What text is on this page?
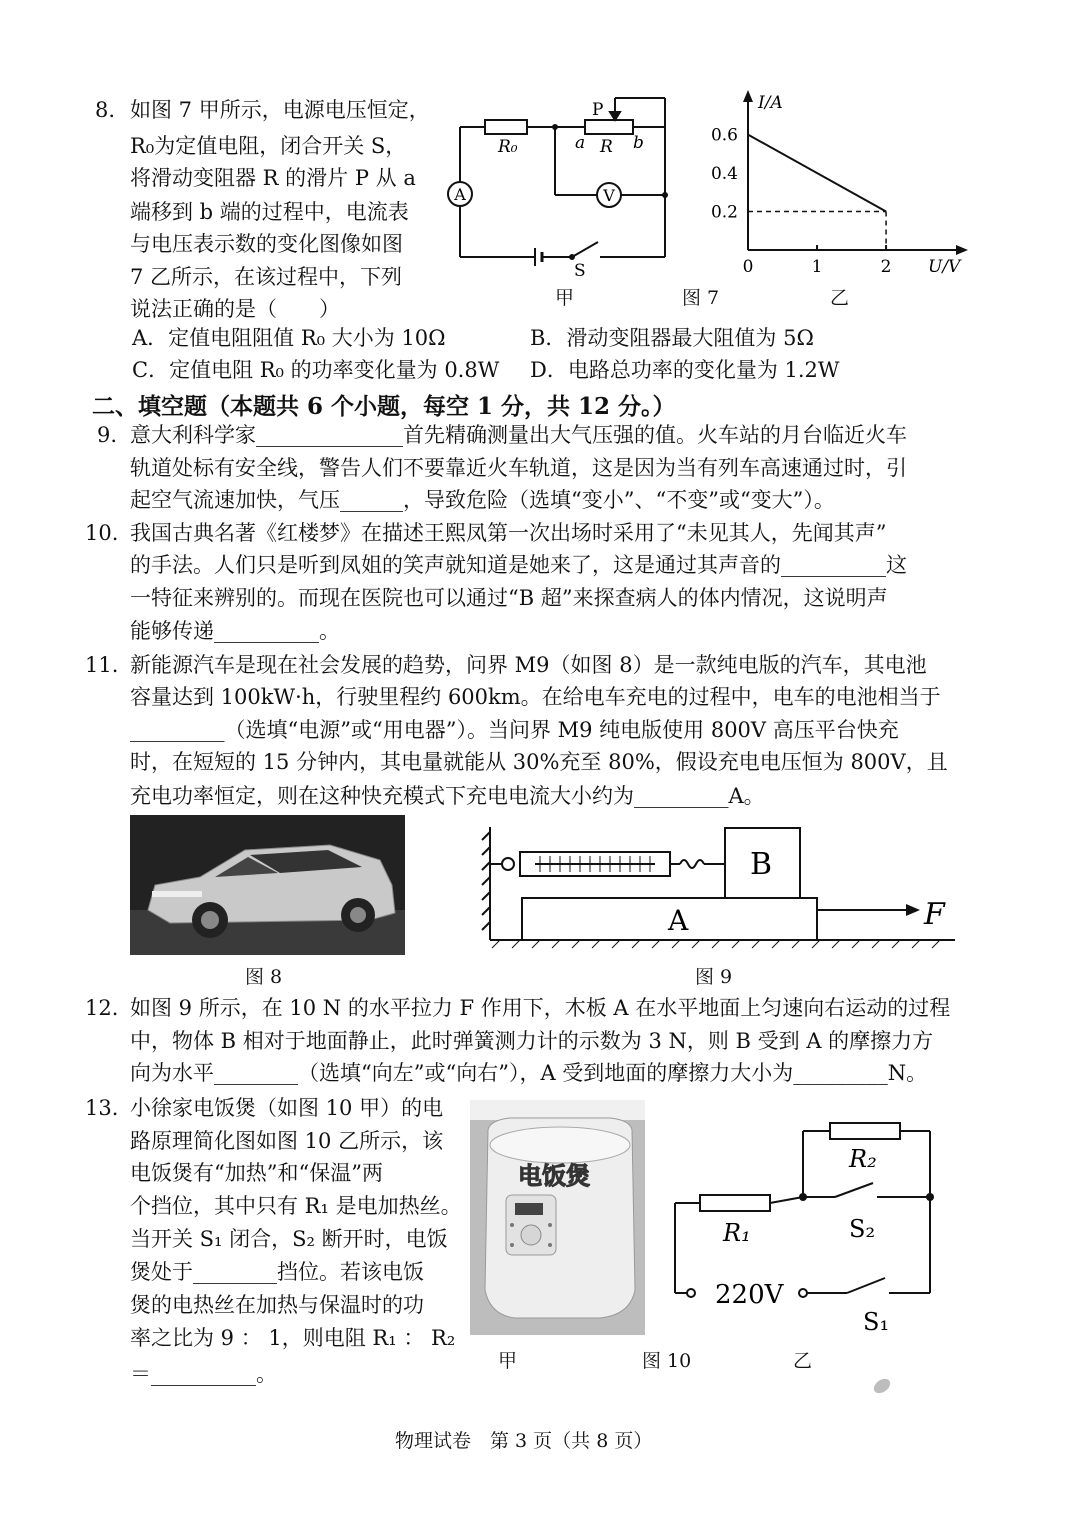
8. 如图 7 甲所示，电源电压恒定，
R₀为定值电阻，闭合开关 S，
将滑动变阻器 R 的滑片 P 从 a
端移到 b 端的过程中，电流表
与电压表示数的变化图像如图
7 乙所示，在该过程中，下列
说法正确的是（　　）
A	V
R₀	a R b
P
S
I/A
U/V
0	1	2
0.2
0.4
0.6
甲	图 7	乙
A．定值电阻阻值 R₀ 大小为 10Ω	B．滑动变阻器最大阻值为 5Ω
C．定值电阻 R₀ 的功率变化量为 0.8W D．电路总功率的变化量为 1.2W
二、填空题（本题共 6 个小题，每空 1 分，共 12 分。）
9. 意大利科学家______________首先精确测量出大气压强的值。火车站的月台临近火车
轨道处标有安全线，警告人们不要靠近火车轨道，这是因为当有列车高速通过时，引
起空气流速加快，气压______，导致危险（选填“变小”、“不变”或“变大”）。
10. 我国古典名著《红楼梦》在描述王熙凤第一次出场时采用了“未见其人，先闻其声”
的手法。人们只是听到凤姐的笑声就知道是她来了，这是通过其声音的__________这
一特征来辨别的。而现在医院也可以通过“B 超”来探查病人的体内情况，这说明声
能够传递__________。
11. 新能源汽车是现在社会发展的趋势，问界 M9（如图 8）是一款纯电版的汽车，其电池
容量达到 100kW·h，行驶里程约 600km。在给电车充电的过程中，电车的电池相当于
_________（选填“电源”或“用电器”）。当问界 M9 纯电版使用 800V 高压平台快充
时，在短短的 15 分钟内，其电量就能从 30%充至 80%，假设充电电压恒为 800V，且
充电功率恒定，则在这种快充模式下充电电流大小约为_________A。
图 8
B
A	F
图 9
12. 如图 9 所示，在 10 N 的水平拉力 F 作用下，木板 A 在水平地面上匀速向右运动的过程
中，物体 B 相对于地面静止，此时弹簧测力计的示数为 3 N，则 B 受到 A 的摩擦力方
向为水平________（选填“向左”或“向右”），A 受到地面的摩擦力大小为_________N。
13. 小徐家电饭煲（如图 10 甲）的电
路原理简化图如图 10 乙所示，该
电饭煲有“加热”和“保温”两
个挡位，其中只有 R₁ 是电加热丝。
当开关 S₁ 闭合，S₂ 断开时，电饭
煲处于________挡位。若该电饭
煲的电热丝在加热与保温时的功
率之比为 9 ： 1，则电阻 R₁ ： R₂
＝__________。
电饭煲
R₂
R₁	S₂
220V
S₁
甲	图 10	乙
物理试卷　第 3 页（共 8 页）
